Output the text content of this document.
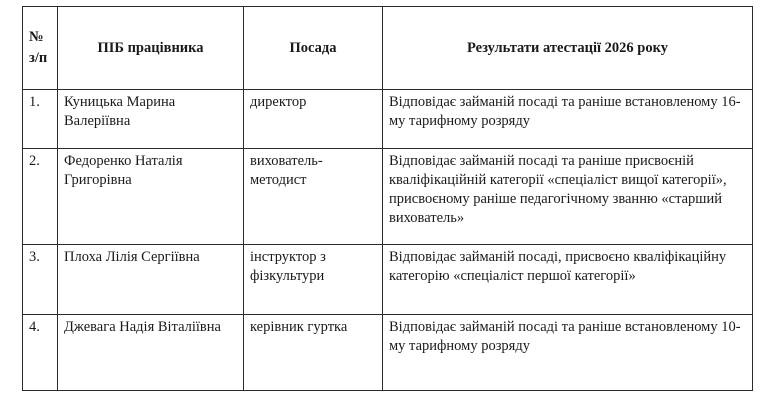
№ з/п	ПІБ працівника	Посада	Результати атестації 2026 року
1.	Куницька Марина Валеріївна	директор	Відповідає займаній посаді та раніше встановленому 16-му тарифному розряду
2.	Федоренко Наталія Григорівна	вихователь-методист	Відповідає займаній посаді та раніше присвоєній кваліфікаційній категорії «спеціаліст вищої категорії», присвоєному раніше педагогічному званню «старший вихователь»
3.	Плоха Лілія Сергіївна	інструктор з фізкультури	Відповідає займаній посаді, присвоєно кваліфікаційну категорію «спеціаліст першої категорії»
4.	Джевага Надія Віталіївна	керівник гуртка	Відповідає займаній посаді та раніше встановленому 10-му тарифному розряду
